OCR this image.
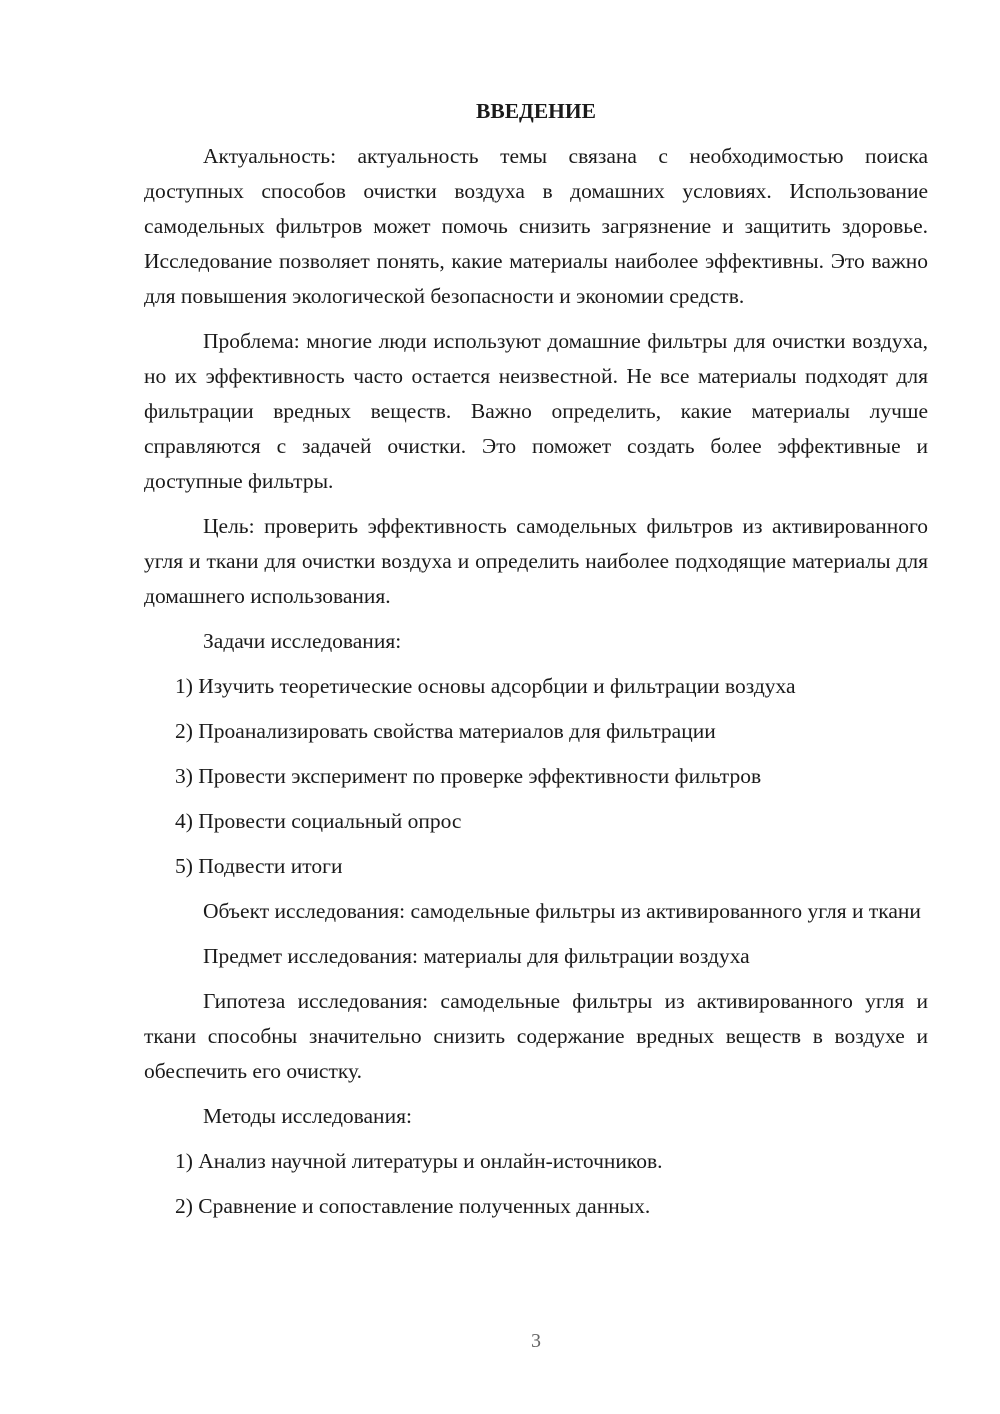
ВВЕДЕНИЕ

Актуальность: актуальность темы связана с необходимостью поиска доступных способов очистки воздуха в домашних условиях. Использование самодельных фильтров может помочь снизить загрязнение и защитить здоровье. Исследование позволяет понять, какие материалы наиболее эффективны. Это важно для повышения экологической безопасности и экономии средств.

Проблема: многие люди используют домашние фильтры для очистки воздуха, но их эффективность часто остается неизвестной. Не все материалы подходят для фильтрации вредных веществ. Важно определить, какие материалы лучше справляются с задачей очистки. Это поможет создать более эффективные и доступные фильтры.

Цель: проверить эффективность самодельных фильтров из активированного угля и ткани для очистки воздуха и определить наиболее подходящие материалы для домашнего использования.

Задачи исследования:

1) Изучить теоретические основы адсорбции и фильтрации воздуха
2) Проанализировать свойства материалов для фильтрации
3) Провести эксперимент по проверке эффективности фильтров
4) Провести социальный опрос
5) Подвести итоги

Объект исследования: самодельные фильтры из активированного угля и ткани

Предмет исследования: материалы для фильтрации воздуха

Гипотеза исследования: самодельные фильтры из активированного угля и ткани способны значительно снизить содержание вредных веществ в воздухе и обеспечить его очистку.

Методы исследования:

1) Анализ научной литературы и онлайн-источников.
2) Сравнение и сопоставление полученных данных.
3
